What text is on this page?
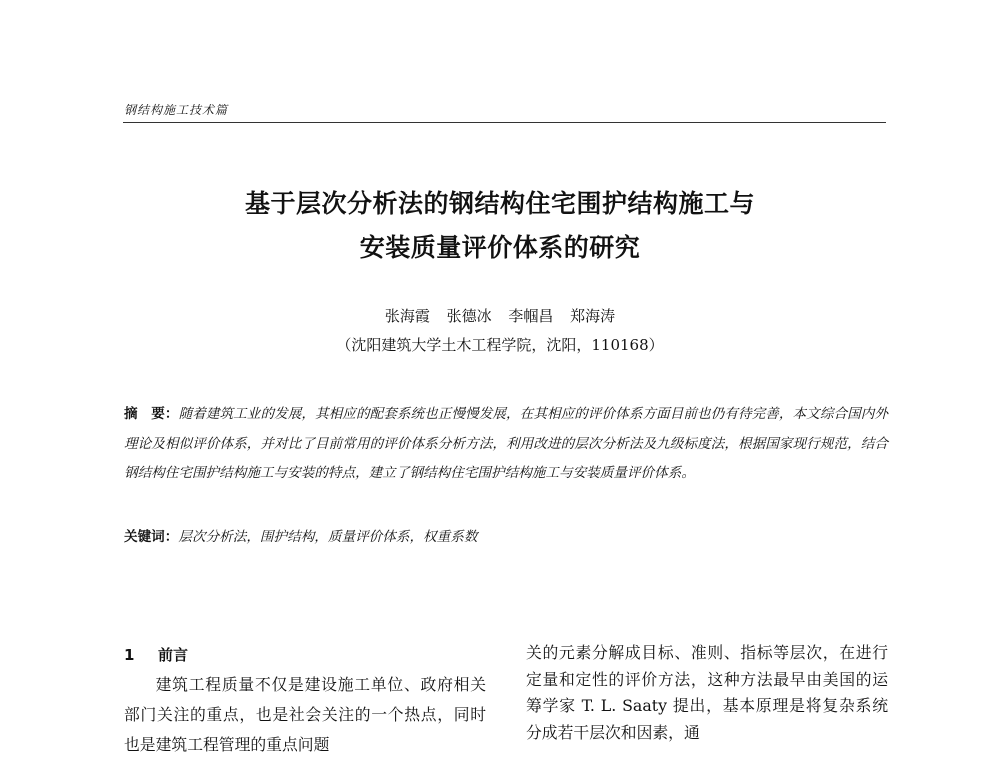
钢结构施工技术篇
基于层次分析法的钢结构住宅围护结构施工与
安装质量评价体系的研究
张海霞 张德冰 李帼昌 郑海涛
（沈阳建筑大学土木工程学院，沈阳，110168）
摘　要：随着建筑工业的发展，其相应的配套系统也正慢慢发展，在其相应的评价体系方面目前也仍有待完善，本文综合国内外理论及相似评价体系，并对比了目前常用的评价体系分析方法，利用改进的层次分析法及九级标度法，根据国家现行规范，结合钢结构住宅围护结构施工与安装的特点，建立了钢结构住宅围护结构施工与安装质量评价体系。
关键词：层次分析法，围护结构，质量评价体系，权重系数
1 前言
建筑工程质量不仅是建设施工单位、政府相关部门关注的重点，也是社会关注的一个热点，同时也是建筑工程管理的重点问题
关的元素分解成目标、准则、指标等层次，在进行定量和定性的评价方法，这种方法最早由美国的运筹学家 T. L. Saaty 提出，基本原理是将复杂系统分成若干层次和因素，通
